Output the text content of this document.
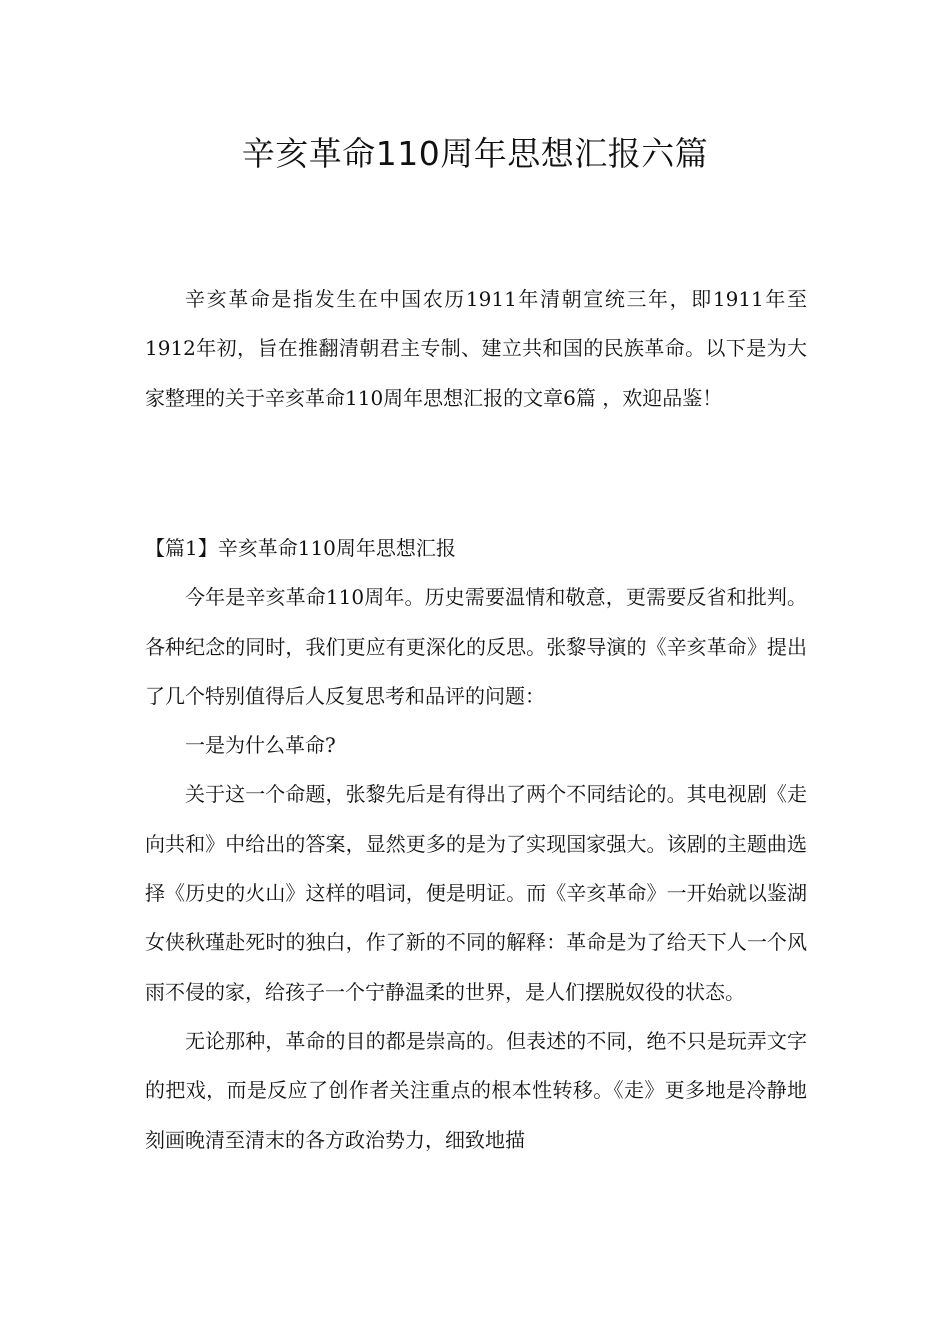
辛亥革命110周年思想汇报六篇

辛亥革命是指发生在中国农历1911年清朝宣统三年，即1911年至1912年初，旨在推翻清朝君主专制、建立共和国的民族革命。以下是为大家整理的关于辛亥革命110周年思想汇报的文章6篇 ，欢迎品鉴！

【篇1】辛亥革命110周年思想汇报

今年是辛亥革命110周年。历史需要温情和敬意，更需要反省和批判。各种纪念的同时，我们更应有更深化的反思。张黎导演的《辛亥革命》提出了几个特别值得后人反复思考和品评的问题：

一是为什么革命?

关于这一个命题，张黎先后是有得出了两个不同结论的。其电视剧《走向共和》中给出的答案，显然更多的是为了实现国家强大。该剧的主题曲选择《历史的火山》这样的唱词，便是明证。而《辛亥革命》一开始就以鉴湖女侠秋瑾赴死时的独白，作了新的不同的解释：革命是为了给天下人一个风雨不侵的家，给孩子一个宁静温柔的世界，是人们摆脱奴役的状态。

无论那种，革命的目的都是崇高的。但表述的不同，绝不只是玩弄文字的把戏，而是反应了创作者关注重点的根本性转移。《走》更多地是冷静地刻画晚清至清末的各方政治势力，细致地描
